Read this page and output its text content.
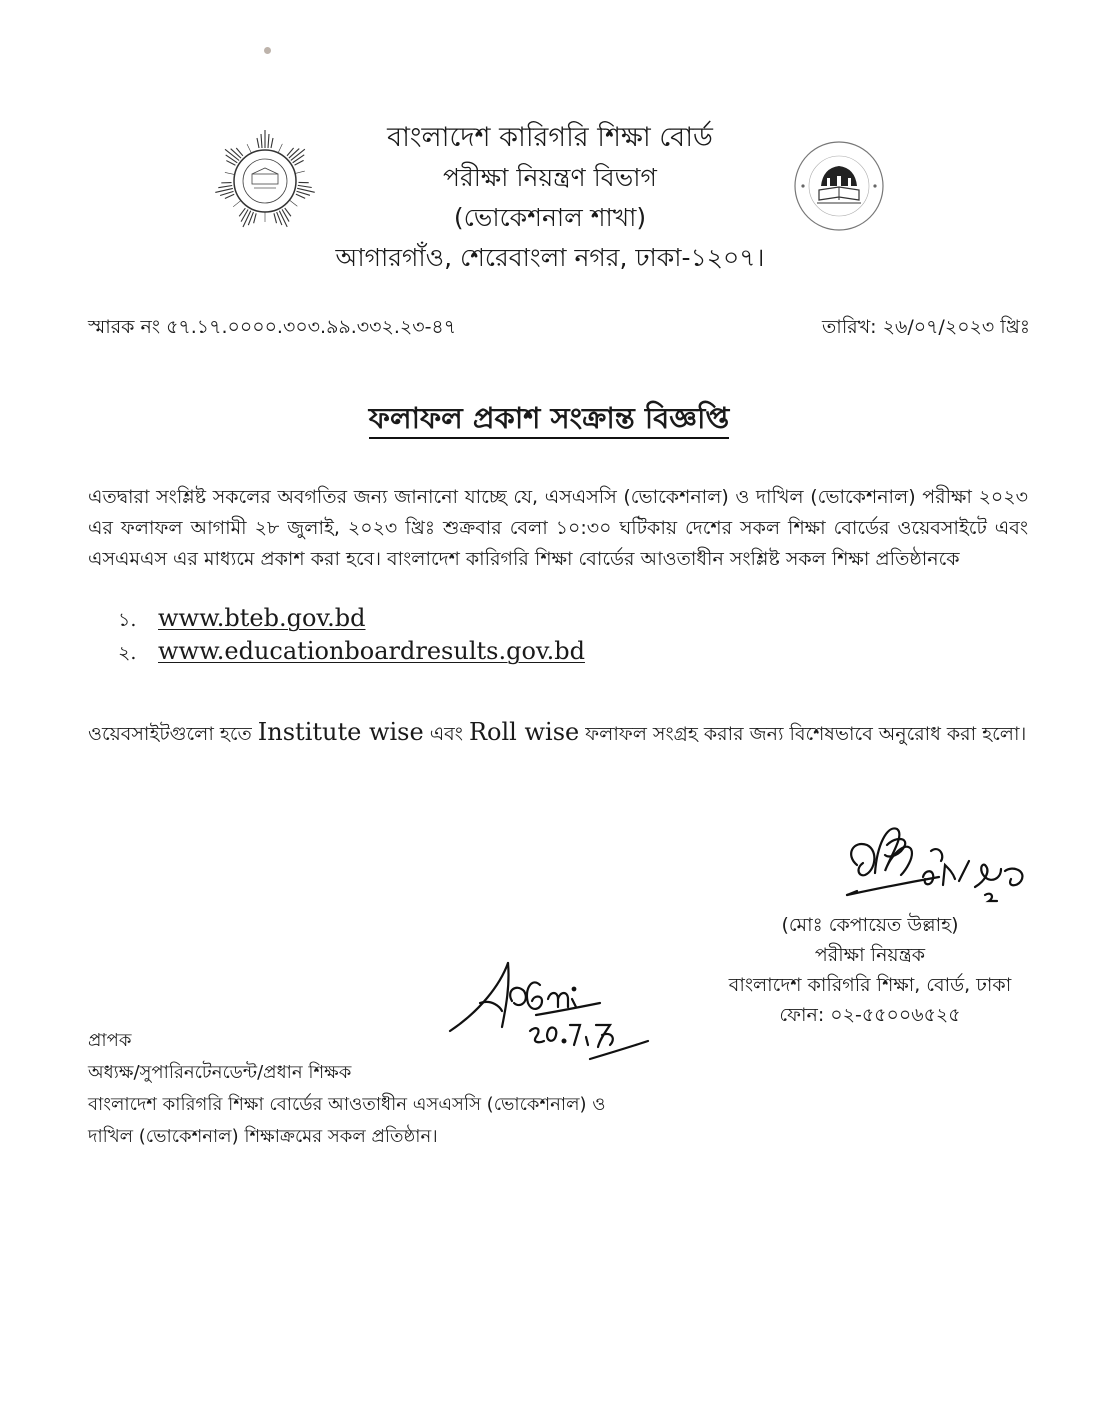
বাংলাদেশ কারিগরি শিক্ষা বোর্ড
পরীক্ষা নিয়ন্ত্রণ বিভাগ
(ভোকেশনাল শাখা)
আগারগাঁও, শেরেবাংলা নগর, ঢাকা-১২০৭।
স্মারক নং ৫৭.১৭.০০০০.৩০৩.৯৯.৩৩২.২৩-৪৭	তারিখ: ২৬/০৭/২০২৩ খ্রিঃ
ফলাফল প্রকাশ সংক্রান্ত বিজ্ঞপ্তি
এতদ্বারা সংশ্লিষ্ট সকলের অবগতির জন্য জানানো যাচ্ছে যে, এসএসসি (ভোকেশনাল) ও দাখিল (ভোকেশনাল) পরীক্ষা ২০২৩ এর ফলাফল আগামী ২৮ জুলাই, ২০২৩ খ্রিঃ শুক্রবার বেলা ১০:৩০ ঘটিকায় দেশের সকল শিক্ষা বোর্ডের ওয়েবসাইটে এবং এসএমএস এর মাধ্যমে প্রকাশ করা হবে। বাংলাদেশ কারিগরি শিক্ষা বোর্ডের আওতাধীন সংশ্লিষ্ট সকল শিক্ষা প্রতিষ্ঠানকে
১. www.bteb.gov.bd
২. www.educationboardresults.gov.bd
ওয়েবসাইটগুলো হতে Institute wise এবং Roll wise ফলাফল সংগ্রহ করার জন্য বিশেষভাবে অনুরোধ করা হলো।
(মোঃ কেপায়েত উল্লাহ)
পরীক্ষা নিয়ন্ত্রক
বাংলাদেশ কারিগরি শিক্ষা, বোর্ড, ঢাকা
ফোন: ০২-৫৫০০৬৫২৫
প্রাপক
অধ্যক্ষ/সুপারিনটেনডেন্ট/প্রধান শিক্ষক
বাংলাদেশ কারিগরি শিক্ষা বোর্ডের আওতাধীন এসএসসি (ভোকেশনাল) ও
দাখিল (ভোকেশনাল) শিক্ষাক্রমের সকল প্রতিষ্ঠান।
